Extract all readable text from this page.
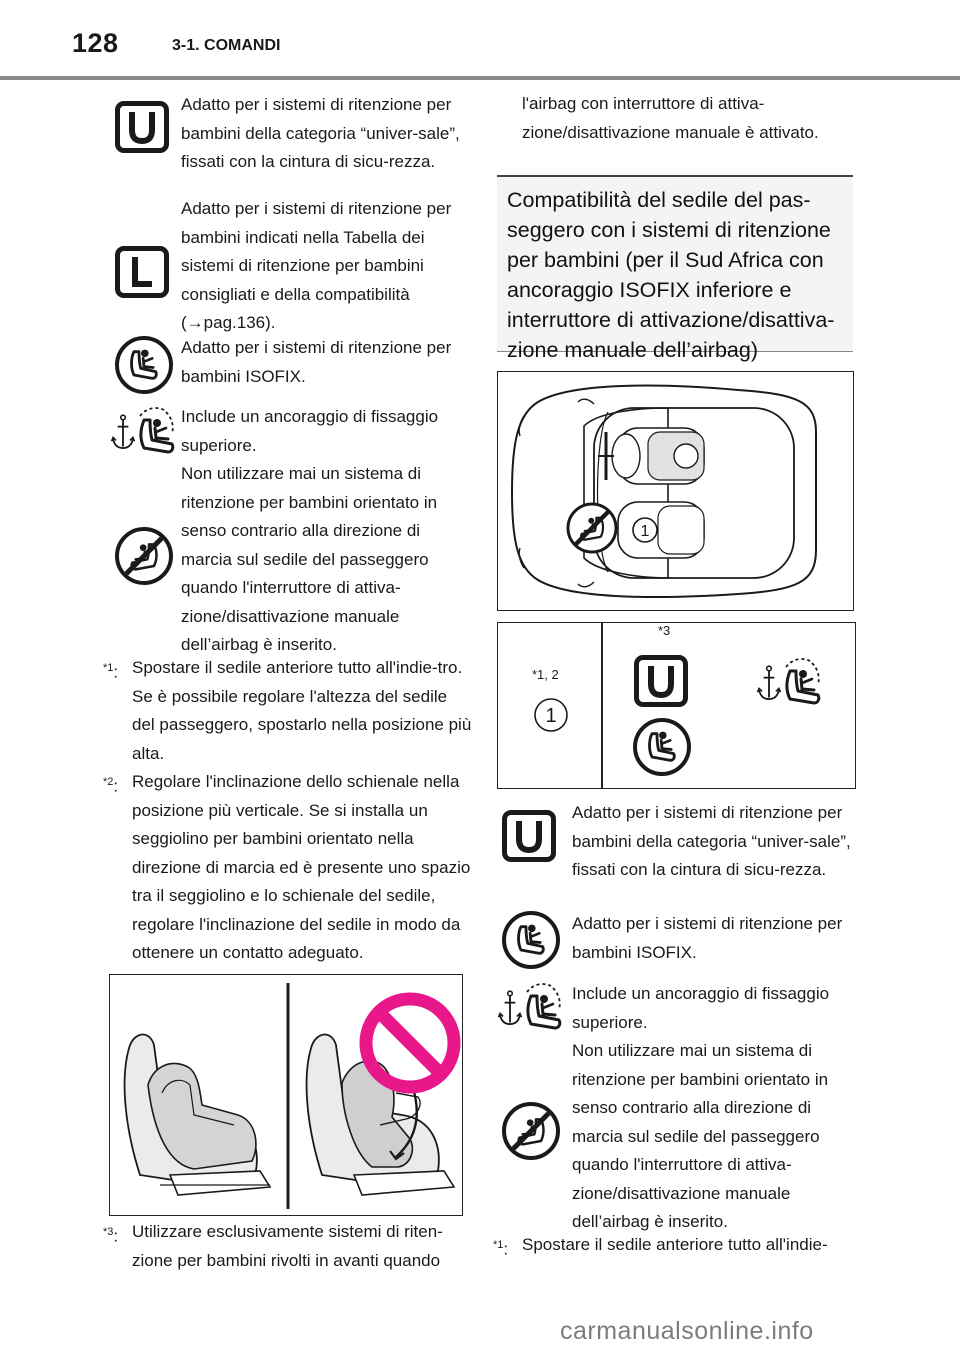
128	3-1. COMANDI
Adatto per i sistemi di ritenzione per bambini della categoria “univer-sale”, fissati con la cintura di sicu-rezza.
Adatto per i sistemi di ritenzione per bambini indicati nella Tabella dei sistemi di ritenzione per bambini consigliati e della compatibilità (→pag.136).
Adatto per i sistemi di ritenzione per bambini ISOFIX.
Include un ancoraggio di fissaggio superiore.
Non utilizzare mai un sistema di ritenzione per bambini orientato in senso contrario alla direzione di marcia sul sedile del passeggero quando l'interruttore di attiva-zione/disattivazione manuale dell’airbag è inserito.
$^{*1}$: Spostare il sedile anteriore tutto all'indie-tro. Se è possibile regolare l'altezza del sedile del passeggero, spostarlo nella posizione più alta.
$^{*2}$: Regolare l'inclinazione dello schienale nella posizione più verticale. Se si installa un seggiolino per bambini orientato nella direzione di marcia ed è presente uno spazio tra il seggiolino e lo schienale del sedile, regolare l'inclinazione del sedile in modo da ottenere un contatto adeguato.
$^{*3}$: Utilizzare esclusivamente sistemi di riten-zione per bambini rivolti in avanti quando
l'airbag con interruttore di attiva-zione/disattivazione manuale è attivato.
Compatibilità del sedile del pas-seggero con i sistemi di ritenzione per bambini (per il Sud Africa con ancoraggio ISOFIX inferiore e interruttore di attivazione/disattiva-zione manuale dell’airbag)
1
*1, 2
1
*3
Adatto per i sistemi di ritenzione per bambini della categoria “univer-sale”, fissati con la cintura di sicu-rezza.
Adatto per i sistemi di ritenzione per bambini ISOFIX.
Include un ancoraggio di fissaggio superiore.
Non utilizzare mai un sistema di ritenzione per bambini orientato in senso contrario alla direzione di marcia sul sedile del passeggero quando l'interruttore di attiva-zione/disattivazione manuale dell’airbag è inserito.
$^{*1}$: Spostare il sedile anteriore tutto all'indie-
carmanualsonline.info
